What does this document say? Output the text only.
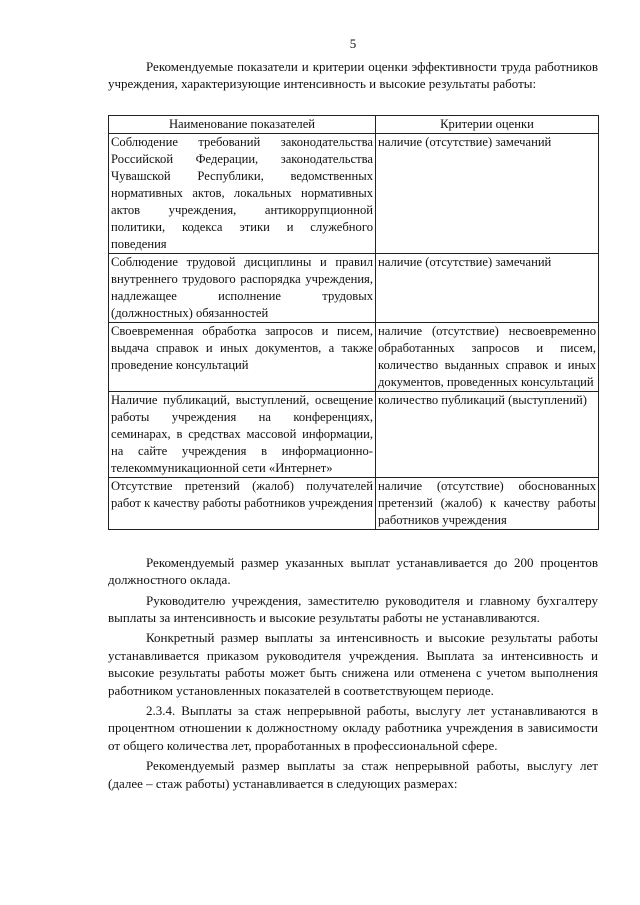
5

Рекомендуемые показатели и критерии оценки эффективности труда работников учреждения, характеризующие интенсивность и высокие результаты работы:

Наименование показателей	Критерии оценки
Соблюдение требований законодательства Российской Федерации, законодательства Чувашской Республики, ведомственных нормативных актов, локальных нормативных актов учреждения, антикоррупционной политики, кодекса этики и служебного поведения	наличие (отсутствие) замечаний
Соблюдение трудовой дисциплины и правил внутреннего трудового распорядка учреждения, надлежащее исполнение трудовых (должностных) обязанностей	наличие (отсутствие) замечаний
Своевременная обработка запросов и писем, выдача справок и иных документов, а также проведение консультаций	наличие (отсутствие) несвоевременно обработанных запросов и писем, количество выданных справок и иных документов, проведенных консультаций
Наличие публикаций, выступлений, освещение работы учреждения на конференциях, семинарах, в средствах массовой информации, на сайте учреждения в информационно-телекоммуникационной сети «Интернет»	количество публикаций (выступлений)
Отсутствие претензий (жалоб) получателей работ к качеству работы работников учреждения	наличие (отсутствие) обоснованных претензий (жалоб) к качеству работы работников учреждения

Рекомендуемый размер указанных выплат устанавливается до 200 процентов должностного оклада.

Руководителю учреждения, заместителю руководителя и главному бухгалтеру выплаты за интенсивность и высокие результаты работы не устанавливаются.

Конкретный размер выплаты за интенсивность и высокие результаты работы устанавливается приказом руководителя учреждения. Выплата за интенсивность и высокие результаты работы может быть снижена или отменена с учетом выполнения работником установленных показателей в соответствующем периоде.

2.3.4. Выплаты за стаж непрерывной работы, выслугу лет устанавливаются в процентном отношении к должностному окладу работника учреждения в зависимости от общего количества лет, проработанных в профессиональной сфере.

Рекомендуемый размер выплаты за стаж непрерывной работы, выслугу лет (далее – стаж работы) устанавливается в следующих размерах:
